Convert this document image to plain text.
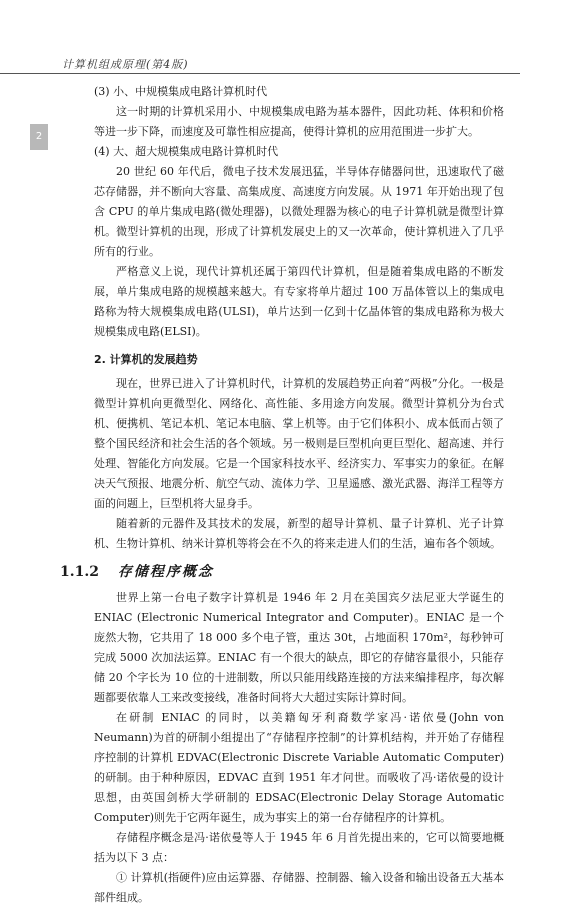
计算机组成原理(第4版)
2

(3) 小、中规模集成电路计算机时代

这一时期的计算机采用小、中规模集成电路为基本器件，因此功耗、体积和价格等进一步下降，而速度及可靠性相应提高，使得计算机的应用范围进一步扩大。

(4) 大、超大规模集成电路计算机时代

20 世纪 60 年代后，微电子技术发展迅猛，半导体存储器问世，迅速取代了磁芯存储器，并不断向大容量、高集成度、高速度方向发展。从 1971 年开始出现了包含 CPU 的单片集成电路(微处理器)，以微处理器为核心的电子计算机就是微型计算机。微型计算机的出现，形成了计算机发展史上的又一次革命，使计算机进入了几乎所有的行业。

严格意义上说，现代计算机还属于第四代计算机，但是随着集成电路的不断发展，单片集成电路的规模越来越大。有专家将单片超过 100 万晶体管以上的集成电路称为特大规模集成电路(ULSI)，单片达到一亿到十亿晶体管的集成电路称为极大规模集成电路(ELSI)。

2. 计算机的发展趋势

现在，世界已进入了计算机时代，计算机的发展趋势正向着“两极”分化。一极是微型计算机向更微型化、网络化、高性能、多用途方向发展。微型计算机分为台式机、便携机、笔记本机、笔记本电脑、掌上机等。由于它们体积小、成本低而占领了整个国民经济和社会生活的各个领域。另一极则是巨型机向更巨型化、超高速、并行处理、智能化方向发展。它是一个国家科技水平、经济实力、军事实力的象征。在解决天气预报、地震分析、航空气动、流体力学、卫星遥感、激光武器、海洋工程等方面的问题上，巨型机将大显身手。

随着新的元器件及其技术的发展，新型的超导计算机、量子计算机、光子计算机、生物计算机、纳米计算机等将会在不久的将来走进人们的生活，遍布各个领域。

1.1.2 存储程序概念

世界上第一台电子数字计算机是 1946 年 2 月在美国宾夕法尼亚大学诞生的 ENIAC (Electronic Numerical Integrator and Computer)。ENIAC 是一个庞然大物，它共用了 18 000 多个电子管，重达 30t，占地面积 170m²，每秒钟可完成 5000 次加法运算。ENIAC 有一个很大的缺点，即它的存储容量很小，只能存储 20 个字长为 10 位的十进制数，所以只能用线路连接的方法来编排程序，每次解题都要依靠人工来改变接线，准备时间将大大超过实际计算时间。

在研制 ENIAC 的同时，以美籍匈牙利裔数学家冯·诺依曼(John von Neumann)为首的研制小组提出了“存储程序控制”的计算机结构，并开始了存储程序控制的计算机 EDVAC(Electronic Discrete Variable Automatic Computer)的研制。由于种种原因，EDVAC 直到 1951 年才问世。而吸收了冯·诺依曼的设计思想，由英国剑桥大学研制的 EDSAC(Electronic Delay Storage Automatic Computer)则先于它两年诞生，成为事实上的第一台存储程序的计算机。

存储程序概念是冯·诺依曼等人于 1945 年 6 月首先提出来的，它可以简要地概括为以下 3 点：

① 计算机(指硬件)应由运算器、存储器、控制器、输入设备和输出设备五大基本部件组成。
